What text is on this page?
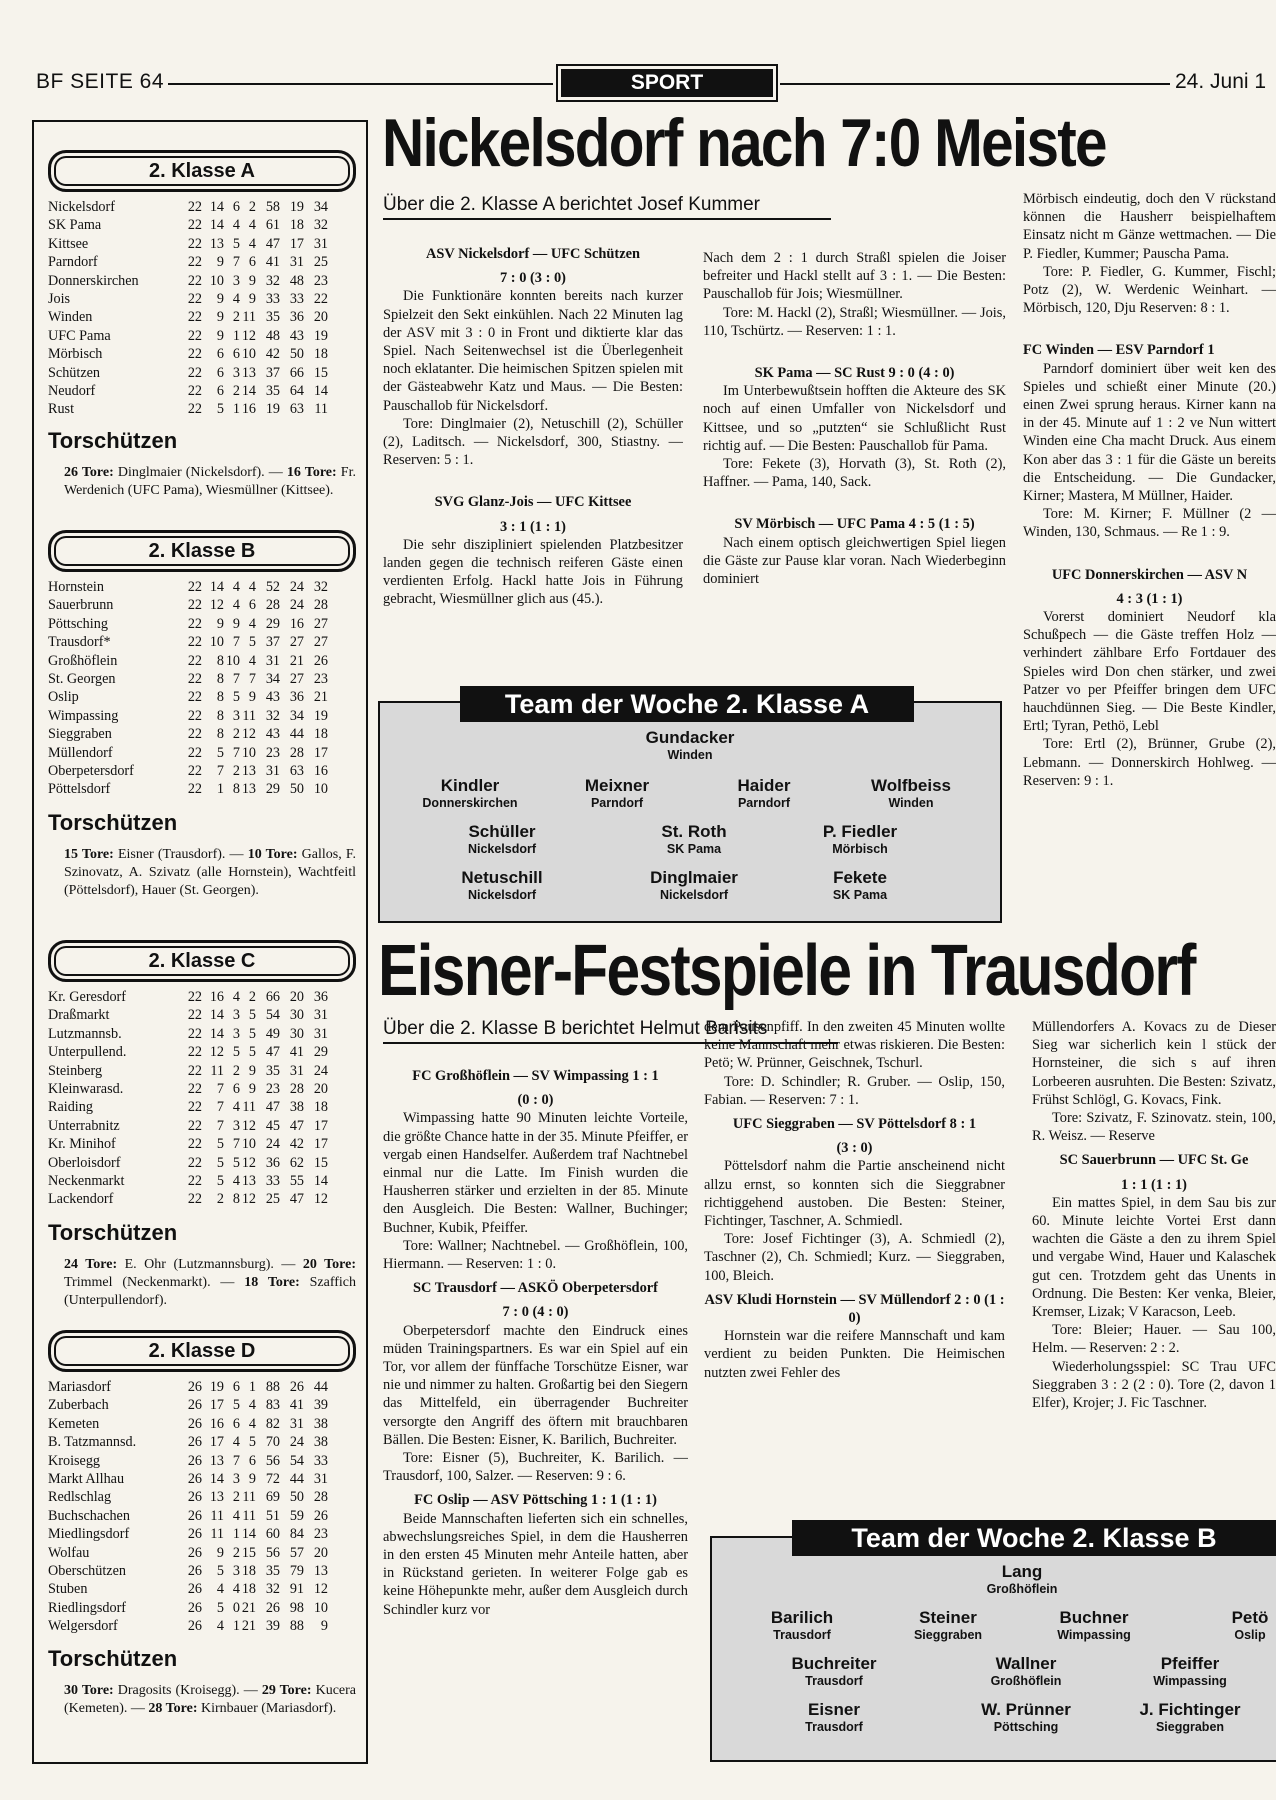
BF SEITE 64	SPORT	24. Juni 1
2. Klasse A
Nickelsdorf	22 14 6 2 58 19 34
SK Pama	22 14 4 4 61 18 32
Kittsee	22 13 5 4 47 17 31
Parndorf	22	9 7 6 41 31 25
Donnerskirchen	22 10 3 9 32 48 23
Jois	22	9 4 9 33 33 22
Winden	22	9 2 11 35 36 20
UFC Pama	22	9 1 12 48 43 19
Mörbisch	22	6 6 10 42 50 18
Schützen	22	6 3 13 37 66 15
Neudorf	22	6 2 14 35 64 14
Rust	22	5 1 16 19 63 11
Torschützen
26 Tore: Dinglmaier (Nickelsdorf). — 16 Tore: Fr. Werdenich (UFC Pama), Wiesmüllner (Kittsee).
2. Klasse B
Hornstein	22 14 4 4 52 24 32
Sauerbrunn	22 12 4 6 28 24 28
Pöttsching	22	9 9 4 29 16 27
Trausdorf*	22 10 7 5 37 27 27
Großhöflein	22	8 10 4 31 21 26
St. Georgen	22	8 7 7 34 27 23
Oslip	22	8 5 9 43 36 21
Wimpassing	22	8 3 11 32 34 19
Sieggraben	22	8 2 12 43 44 18
Müllendorf	22	5 7 10 23 28 17
Oberpetersdorf	22	7 2 13 31 63 16
Pöttelsdorf	22	1 8 13 29 50 10
Torschützen
15 Tore: Eisner (Trausdorf). — 10 Tore: Gallos, F. Szinovatz, A. Szivatz (alle Hornstein), Wachtfeitl (Pöttelsdorf), Hauer (St. Georgen).
2. Klasse C
Kr. Geresdorf	22 16 4 2 66 20 36
Draßmarkt	22 14 3 5 54 30 31
Lutzmannsb.	22 14 3 5 49 30 31
Unterpullend.	22 12 5 5 47 41 29
Steinberg	22 11 2 9 35 31 24
Kleinwarasd.	22	7 6 9 23 28 20
Raiding	22	7 4 11 47 38 18
Unterrabnitz	22	7 3 12 45 47 17
Kr. Minihof	22	5 7 10 24 42 17
Oberloisdorf	22	5 5 12 36 62 15
Neckenmarkt	22	5 4 13 33 55 14
Lackendorf	22	2 8 12 25 47 12
Torschützen
24 Tore: E. Ohr (Lutzmannsburg). — 20 Tore: Trimmel (Neckenmarkt). — 18 Tore: Szaffich (Unterpullendorf).
2. Klasse D
Mariasdorf	26 19 6 1 88 26 44
Zuberbach	26 17 5 4 83 41 39
Kemeten	26 16 6 4 82 31 38
B. Tatzmannsd.	26 17 4 5 70 24 38
Kroisegg	26 13 7 6 56 54 33
Markt Allhau	26 14 3 9 72 44 31
Redlschlag	26 13 2 11 69 50 28
Buchschachen	26 11 4 11 51 59 26
Miedlingsdorf	26 11 1 14 60 84 23
Wolfau	26	9 2 15 56 57 20
Oberschützen	26	5 3 18 35 79 13
Stuben	26	4 4 18 32 91 12
Riedlingsdorf	26	5 0 21 26 98 10
Welgersdorf	26	4 1 21 39 88	9
Torschützen
30 Tore: Dragosits (Kroisegg). — 29 Tore: Kucera (Kemeten). — 28 Tore: Kirnbauer (Mariasdorf).
Nickelsdorf nach 7:0 Meiste
Über die 2. Klasse A berichtet Josef Kummer

ASV Nickelsdorf — UFC Schützen

7 : 0 (3 : 0)

Die Funktionäre konnten bereits nach kurzer Spielzeit den Sekt einkühlen. Nach 22 Minuten lag der ASV mit 3 : 0 in Front und diktierte klar das Spiel. Nach Seitenwechsel ist die Überlegenheit noch eklatanter. Die heimischen Spitzen spielen mit der Gästeabwehr Katz und Maus. — Die Besten: Pauschallob für Nickelsdorf.

Tore: Dinglmaier (2), Netuschill (2), Schüller (2), Laditsch. — Nickelsdorf, 300, Stiastny. — Reserven: 5 : 1.

SVG Glanz-Jois — UFC Kittsee

3 : 1 (1 : 1)

Die sehr diszipliniert spielenden Platzbesitzer landen gegen die technisch reiferen Gäste einen verdienten Erfolg. Hackl hatte Jois in Führung gebracht, Wiesmüllner glich aus (45.).

Nach dem 2 : 1 durch Straßl spielen die Joiser befreiter und Hackl stellt auf 3 : 1. — Die Besten: Pauschallob für Jois; Wiesmüllner.

Tore: M. Hackl (2), Straßl; Wiesmüllner. — Jois, 110, Tschürtz. — Reserven: 1 : 1.

SK Pama — SC Rust 9 : 0 (4 : 0)

Im Unterbewußtsein hofften die Akteure des SK noch auf einen Umfaller von Nickelsdorf und Kittsee, und so „putzten“ sie Schlußlicht Rust richtig auf. — Die Besten: Pauschallob für Pama.

Tore: Fekete (3), Horvath (3), St. Roth (2), Haffner. — Pama, 140, Sack.

SV Mörbisch — UFC Pama 4 : 5 (1 : 5)

Nach einem optisch gleichwertigen Spiel liegen die Gäste zur Pause klar voran. Nach Wiederbeginn dominiert

Mörbisch eindeutig, doch den V rückstand können die Hausherr beispielhaftem Einsatz nicht m Gänze wettmachen. — Die P. Fiedler, Kummer; Pauscha Pama.

Tore: P. Fiedler, G. Kummer, Fischl; Potz (2), W. Werdenic Weinhart. — Mörbisch, 120, Dju Reserven: 8 : 1.

FC Winden — ESV Parndorf 1

Parndorf dominiert über weit ken des Spieles und schießt einer Minute (20.) einen Zwei sprung heraus. Kirner kann na in der 45. Minute auf 1 : 2 ve Nun wittert Winden eine Cha macht Druck. Aus einem Kon aber das 3 : 1 für die Gäste un bereits die Entscheidung. — Die Gundacker, Kirner; Mastera, M Müllner, Haider.

Tore: M. Kirner; F. Müllner (2 — Winden, 130, Schmaus. — Re 1 : 9.

UFC Donnerskirchen — ASV N

4 : 3 (1 : 1)

Vorerst dominiert Neudorf kla Schußpech — die Gäste treffen Holz — verhindert zählbare Erfo Fortdauer des Spieles wird Don chen stärker, und zwei Patzer vo per Pfeiffer bringen dem UFC hauchdünnen Sieg. — Die Beste Kindler, Ertl; Tyran, Pethö, Lebl

Tore: Ertl (2), Brünner, Grube (2), Lebmann. — Donnerskirch Hohlweg. — Reserven: 9 : 1.

Team der Woche 2. Klasse A
Gundacker
Winden
Kindler
Donnerskirchen
Meixner
Parndorf
Haider
Parndorf
Wolfbeiss
Winden
Schüller
Nickelsdorf
St. Roth
SK Pama
P. Fiedler
Mörbisch
Netuschill
Nickelsdorf
Dinglmaier
Nickelsdorf
Fekete
SK Pama
Eisner-Festspiele in Trausdorf
Über die 2. Klasse B berichtet Helmut Barisits

FC Großhöflein — SV Wimpassing 1 : 1

(0 : 0)

Wimpassing hatte 90 Minuten leichte Vorteile, die größte Chance hatte in der 35. Minute Pfeiffer, er vergab einen Handselfer. Außerdem traf Nachtnebel einmal nur die Latte. Im Finish wurden die Hausherren stärker und erzielten in der 85. Minute den Ausgleich. Die Besten: Wallner, Buchinger; Buchner, Kubik, Pfeiffer.

Tore: Wallner; Nachtnebel. — Großhöflein, 100, Hiermann. — Reserven: 1 : 0.

SC Trausdorf — ASKÖ Oberpetersdorf

7 : 0 (4 : 0)

Oberpetersdorf machte den Eindruck eines müden Trainingspartners. Es war ein Spiel auf ein Tor, vor allem der fünffache Torschütze Eisner, war nie und nimmer zu halten. Großartig bei den Siegern das Mittelfeld, ein überragender Buchreiter versorgte den Angriff des öftern mit brauchbaren Bällen. Die Besten: Eisner, K. Barilich, Buchreiter.

Tore: Eisner (5), Buchreiter, K. Barilich. — Trausdorf, 100, Salzer. — Reserven: 9 : 6.

FC Oslip — ASV Pöttsching 1 : 1 (1 : 1)

Beide Mannschaften lieferten sich ein schnelles, abwechslungsreiches Spiel, in dem die Hausherren in den ersten 45 Minuten mehr Anteile hatten, aber in Rückstand gerieten. In weiterer Folge gab es keine Höhepunkte mehr, außer dem Ausgleich durch Schindler kurz vor

dem Pausenpfiff. In den zweiten 45 Minuten wollte keine Mannschaft mehr etwas riskieren. Die Besten: Petö; W. Prünner, Geischnek, Tschurl.

Tore: D. Schindler; R. Gruber. — Oslip, 150, Fabian. — Reserven: 7 : 1.

UFC Sieggraben — SV Pöttelsdorf 8 : 1

(3 : 0)

Pöttelsdorf nahm die Partie anscheinend nicht allzu ernst, so konnten sich die Sieggrabner richtiggehend austoben. Die Besten: Steiner, Fichtinger, Taschner, A. Schmiedl.

Tore: Josef Fichtinger (3), A. Schmiedl (2), Taschner (2), Ch. Schmiedl; Kurz. — Sieggraben, 100, Bleich.

ASV Kludi Hornstein — SV Müllendorf 2 : 0 (1 : 0)

Hornstein war die reifere Mannschaft und kam verdient zu beiden Punkten. Die Heimischen nutzten zwei Fehler des

Müllendorfers A. Kovacs zu de Dieser Sieg war sicherlich kein l stück der Hornsteiner, die sich s auf ihren Lorbeeren ausruhten. Die Besten: Szivatz, Frühst Schlögl, G. Kovacs, Fink.

Tore: Szivatz, F. Szinovatz. stein, 100, R. Weisz. — Reserve

SC Sauerbrunn — UFC St. Ge

1 : 1 (1 : 1)

Ein mattes Spiel, in dem Sau bis zur 60. Minute leichte Vortei Erst dann wachten die Gäste a den zu ihrem Spiel und vergabe Wind, Hauer und Kalaschek gut cen. Trotzdem geht das Unents in Ordnung. Die Besten: Ker venka, Bleier, Kremser, Lizak; V Karacson, Leeb.

Tore: Bleier; Hauer. — Sau 100, Helm. — Reserven: 2 : 2.

Wiederholungsspiel: SC Trau UFC Sieggraben 3 : 2 (2 : 0). Tore (2, davon 1 Elfer), Krojer; J. Fic Taschner.

Team der Woche 2. Klasse B
Lang
Großhöflein
Barilich
Trausdorf
Steiner
Sieggraben
Buchner
Wimpassing
Petö
Oslip
Buchreiter
Trausdorf
Wallner
Großhöflein
Pfeiffer
Wimpassing
Eisner
Trausdorf
W. Prünner
Pöttsching
J. Fichtinger
Sieggraben
